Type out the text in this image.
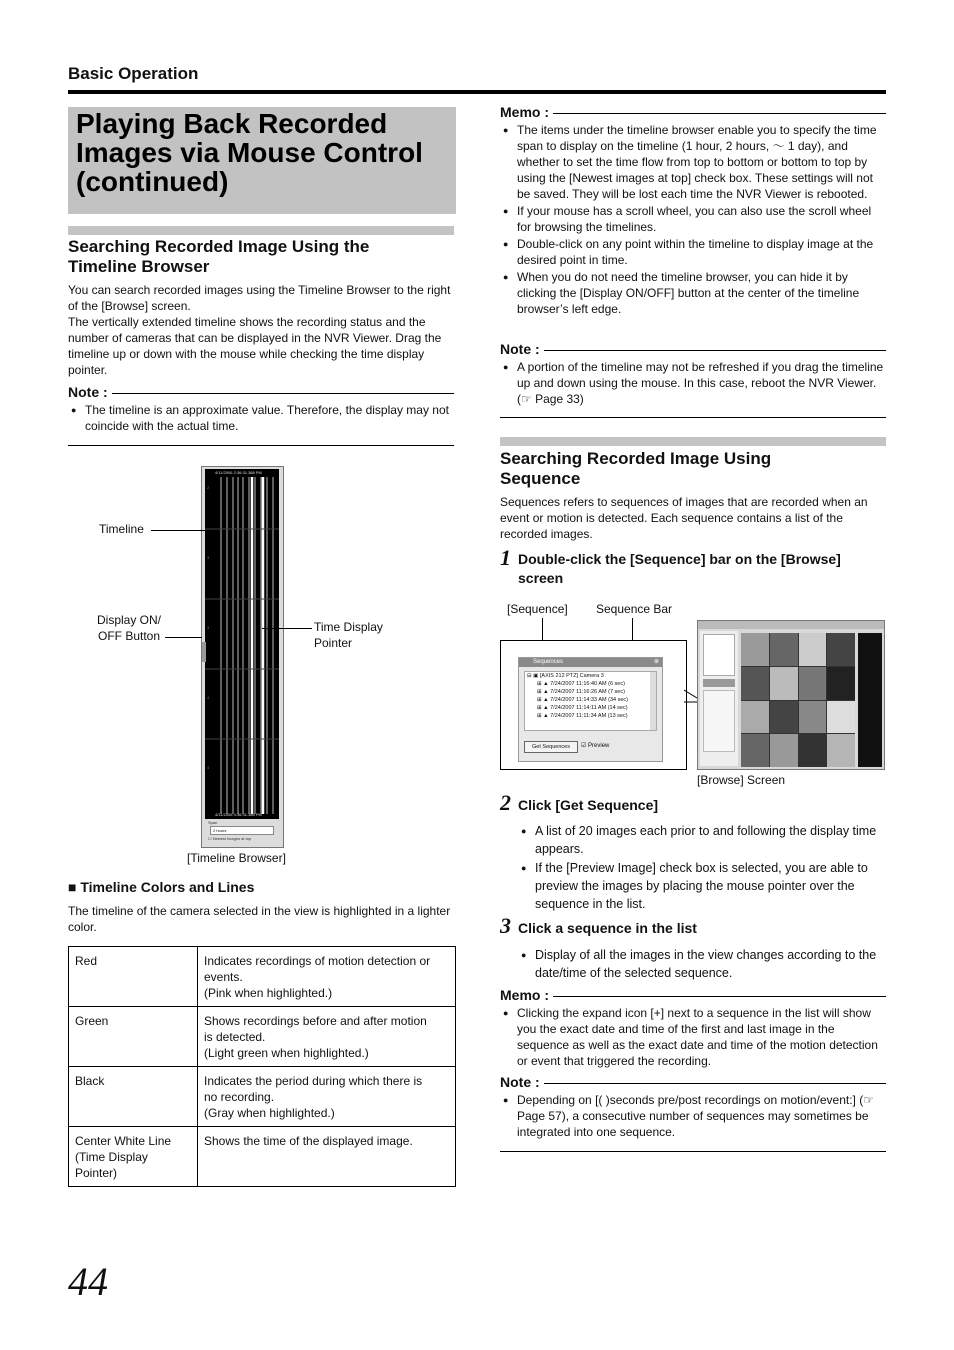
Basic Operation
Playing Back Recorded
Images via Mouse Control
(continued)
Searching Recorded Image Using the
Timeline Browser

You can search recorded images using the Timeline Browser to the right of the [Browse] screen.

The vertically extended timeline shows the recording status and the number of cameras that can be displayed in the NVR Viewer. Drag the timeline up or down with the mouse while checking the time display pointer.

Note :
● The timeline is an approximate value. Therefore, the display may not coincide with the actual time.
2
3
3
4
4
4/11/2006 2:36:31.388 PM
4/11/2006 4:36:31.388 PM
Span
2 hours
☐ Newest images at top
Timeline
Display ON/
OFF Button
Time Display
Pointer
[Timeline Browser]
■ Timeline Colors and Lines

The timeline of the camera selected in the view is highlighted in a lighter color.

Red	Indicates recordings of motion detection or
events.
(Pink when highlighted.)
Green	Shows recordings before and after motion
is detected.
(Light green when highlighted.)
Black	Indicates the period during which there is
no recording.
(Gray when highlighted.)
Center White Line
(Time Display
Pointer)	Shows the time of the displayed image.
Memo :
● The items under the timeline browser enable you to specify the time span to display on the timeline (1 hour, 2 hours, ～ 1 day), and whether to set the time flow from top to bottom or bottom to top by using the [Newest images at top] check box. These settings will not be saved. They will be lost each time the NVR Viewer is rebooted.
● If your mouse has a scroll wheel, you can also use the scroll wheel for browsing the timelines.
● Double-click on any point within the timeline to display image at the desired point in time.
● When you do not need the timeline browser, you can hide it by clicking the [Display ON/OFF] button at the center of the timeline browser’s left edge.
Note :
● A portion of the timeline may not be refreshed if you drag the timeline up and down using the mouse. In this case, reboot the NVR Viewer. (☞ Page 33)
Searching Recorded Image Using
Sequence

Sequences refers to sequences of images that are recorded when an event or motion is detected. Each sequence contains a list of the recorded images.

1 Double-click the [Sequence] bar on the [Browse]
screen
[Sequence] Sequence Bar
Sequences	⊗
⊟ ▣ [AXIS 212 PTZ] Camera 3
⊞ ▲ 7/24/2007 11:16:40 AM (6 sec)
⊞ ▲ 7/24/2007 11:16:26 AM (7 sec)
⊞ ▲ 7/24/2007 11:14:33 AM (34 sec)
⊞ ▲ 7/24/2007 11:14:11 AM (14 sec)
⊞ ▲ 7/24/2007 11:11:34 AM (13 sec)
Get Sequences	☑ Preview
[Browse] Screen
2 Click [Get Sequence]
● A list of 20 images each prior to and following the display time appears.
● If the [Preview Image] check box is selected, you are able to preview the images by placing the mouse pointer over the sequence in the list.
3 Click a sequence in the list
● Display of all the images in the view changes according to the date/time of the selected sequence.
Memo :
● Clicking the expand icon [+] next to a sequence in the list will show you the exact date and time of the first and last image in the sequence as well as the exact date and time of the motion detection or event that triggered the recording.
Note :
● Depending on [( )seconds pre/post recordings on motion/event:] (☞ Page 57), a consecutive number of sequences may sometimes be integrated into one sequence.
44
